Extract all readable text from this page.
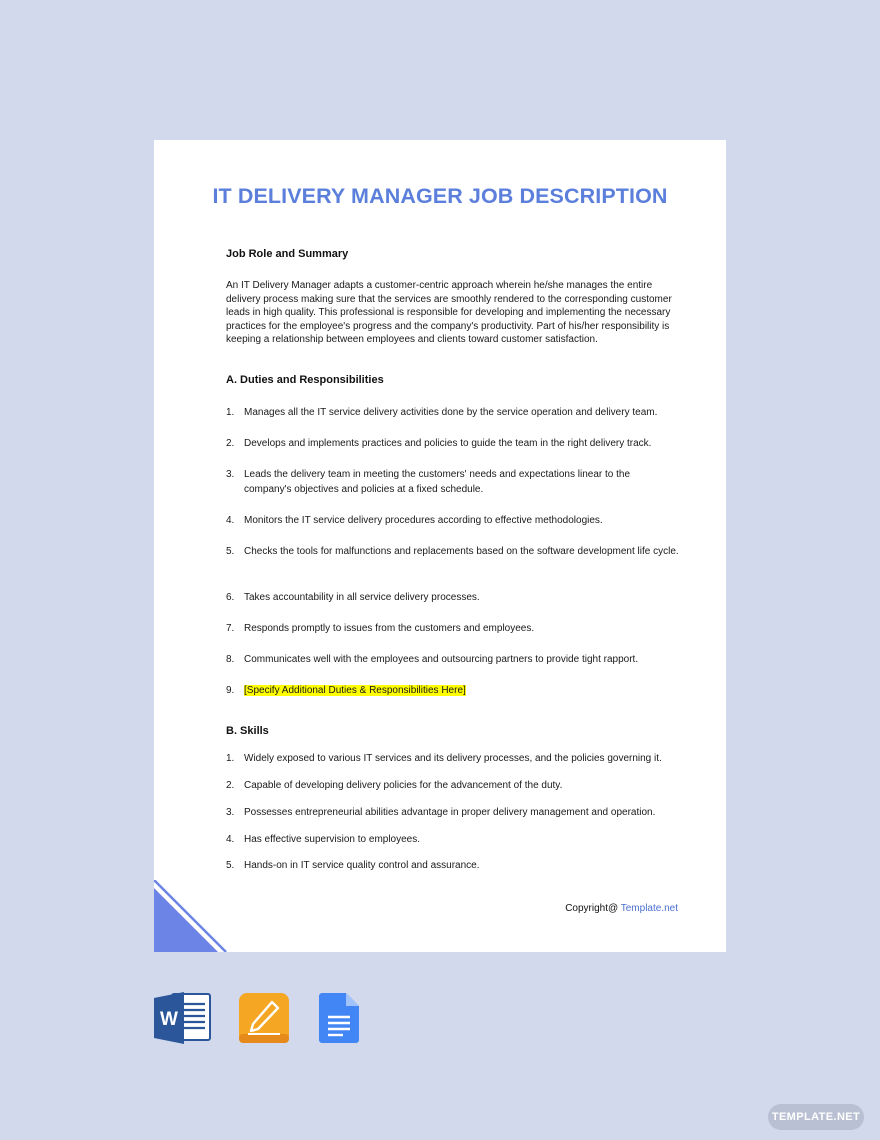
IT DELIVERY MANAGER JOB DESCRIPTION
Job Role and Summary
An IT Delivery Manager adapts a customer-centric approach wherein he/she manages the entire delivery process making sure that the services are smoothly rendered to the corresponding customer leads in high quality. This professional is responsible for developing and implementing the necessary practices for the employee's progress and the company's productivity. Part of his/her responsibility is keeping a relationship between employees and clients toward customer satisfaction.
A. Duties and Responsibilities
1. Manages all the IT service delivery activities done by the service operation and delivery team.
2. Develops and implements practices and policies to guide the team in the right delivery track.
3. Leads the delivery team in meeting the customers' needs and expectations linear to the company's objectives and policies at a fixed schedule.
4. Monitors the IT service delivery procedures according to effective methodologies.
5. Checks the tools for malfunctions and replacements based on the software development life cycle.
6. Takes accountability in all service delivery processes.
7. Responds promptly to issues from the customers and employees.
8. Communicates well with the employees and outsourcing partners to provide tight rapport.
9. [Specify Additional Duties & Responsibilities Here]
B. Skills
1. Widely exposed to various IT services and its delivery processes, and the policies governing it.
2. Capable of developing delivery policies for the advancement of the duty.
3. Possesses entrepreneurial abilities advantage in proper delivery management and operation.
4. Has effective supervision to employees.
5. Hands-on in IT service quality control and assurance.
Copyright@ Template.net
W
TEMPLATE.NET
